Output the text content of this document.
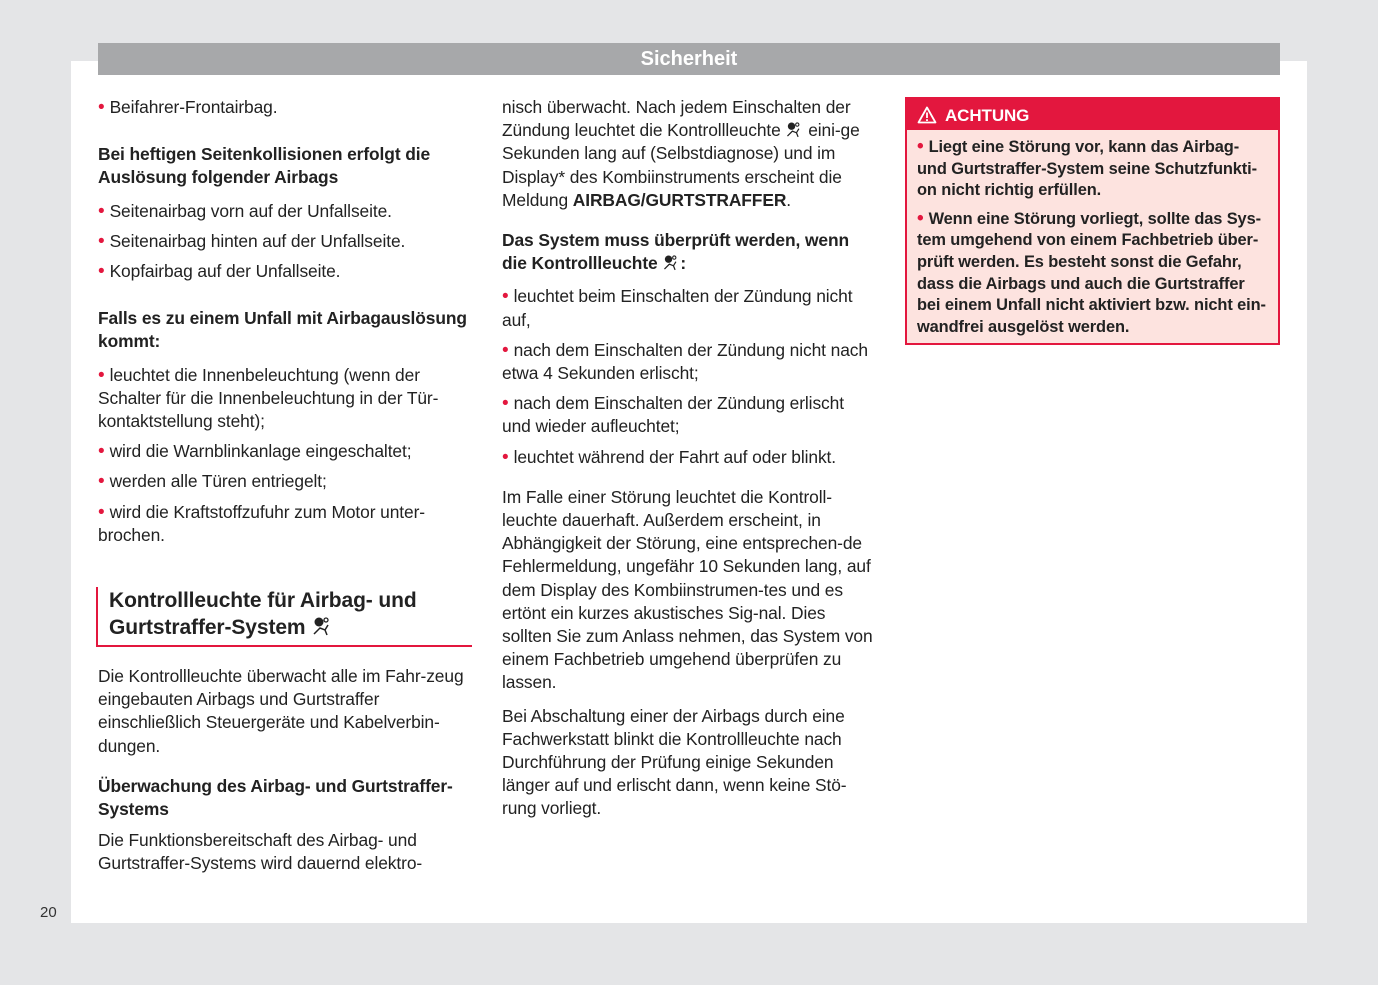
Sicherheit
20

• Beifahrer-Frontairbag.

Bei heftigen Seitenkollisionen erfolgt die Auslösung folgender Airbags

• Seitenairbag vorn auf der Unfallseite.

• Seitenairbag hinten auf der Unfallseite.

• Kopfairbag auf der Unfallseite.

Falls es zu einem Unfall mit Airbagauslösung kommt:

• leuchtet die Innenbeleuchtung (wenn der Schalter für die Innenbeleuchtung in der Tür-kontaktstellung steht);

• wird die Warnblinkanlage eingeschaltet;

• werden alle Türen entriegelt;

• wird die Kraftstoffzufuhr zum Motor unter-brochen.

Kontrollleuchte für Airbag- und Gurtstraffer-System

Die Kontrollleuchte überwacht alle im Fahr-zeug eingebauten Airbags und Gurtstraffer einschließlich Steuergeräte und Kabelverbin-dungen.

Überwachung des Airbag- und Gurtstraffer-Systems

Die Funktionsbereitschaft des Airbag- und Gurtstraffer-Systems wird dauernd elektro-

nisch überwacht. Nach jedem Einschalten der Zündung leuchtet die Kontrollleuchte eini-ge Sekunden lang auf (Selbstdiagnose) und im Display* des Kombiinstruments erscheint die Meldung AIRBAG/GURTSTRAFFER.

Das System muss überprüft werden, wenn die Kontrollleuchte :

• leuchtet beim Einschalten der Zündung nicht auf,

• nach dem Einschalten der Zündung nicht nach etwa 4 Sekunden erlischt;

• nach dem Einschalten der Zündung erlischt und wieder aufleuchtet;

• leuchtet während der Fahrt auf oder blinkt.

Im Falle einer Störung leuchtet die Kontroll-leuchte dauerhaft. Außerdem erscheint, in Abhängigkeit der Störung, eine entsprechen-de Fehlermeldung, ungefähr 10 Sekunden lang, auf dem Display des Kombiinstrumen-tes und es ertönt ein kurzes akustisches Sig-nal. Dies sollten Sie zum Anlass nehmen, das System von einem Fachbetrieb umgehend überprüfen zu lassen.

Bei Abschaltung einer der Airbags durch eine Fachwerkstatt blinkt die Kontrollleuchte nach Durchführung der Prüfung einige Sekunden länger auf und erlischt dann, wenn keine Stö-rung vorliegt.

ACHTUNG

• Liegt eine Störung vor, kann das Airbag- und Gurtstraffer-System seine Schutzfunkti-on nicht richtig erfüllen.

• Wenn eine Störung vorliegt, sollte das Sys-tem umgehend von einem Fachbetrieb über-prüft werden. Es besteht sonst die Gefahr, dass die Airbags und auch die Gurtstraffer bei einem Unfall nicht aktiviert bzw. nicht ein-wandfrei ausgelöst werden.
